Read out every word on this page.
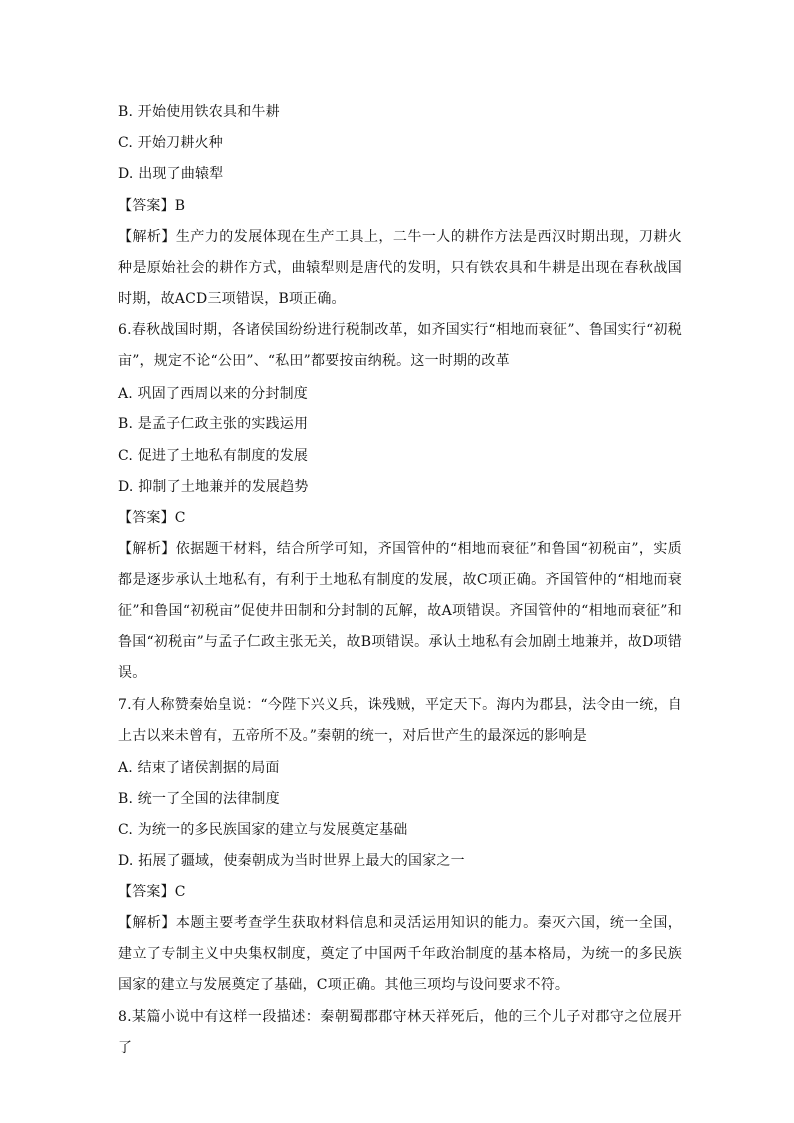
B. 开始使用铁农具和牛耕
C. 开始刀耕火种
D. 出现了曲辕犁
【答案】B
【解析】生产力的发展体现在生产工具上，二牛一人的耕作方法是西汉时期出现，刀耕火种是原始社会的耕作方式，曲辕犁则是唐代的发明，只有铁农具和牛耕是出现在春秋战国时期，故ACD三项错误，B项正确。
6.春秋战国时期，各诸侯国纷纷进行税制改革，如齐国实行“相地而衰征”、鲁国实行“初税亩”，规定不论“公田”、“私田”都要按亩纳税。这一时期的改革
A. 巩固了西周以来的分封制度
B. 是孟子仁政主张的实践运用
C. 促进了土地私有制度的发展
D. 抑制了土地兼并的发展趋势
【答案】C
【解析】依据题干材料，结合所学可知，齐国管仲的“相地而衰征”和鲁国“初税亩”，实质都是逐步承认土地私有，有利于土地私有制度的发展，故C项正确。齐国管仲的“相地而衰征”和鲁国“初税亩”促使井田制和分封制的瓦解，故A项错误。齐国管仲的“相地而衰征”和鲁国“初税亩”与孟子仁政主张无关，故B项错误。承认土地私有会加剧土地兼并，故D项错误。
7.有人称赞秦始皇说：“今陛下兴义兵，诛残贼，平定天下。海内为郡县，法令由一统，自上古以来未曾有，五帝所不及。”秦朝的统一，对后世产生的最深远的影响是
A. 结束了诸侯割据的局面
B. 统一了全国的法律制度
C. 为统一的多民族国家的建立与发展奠定基础
D. 拓展了疆域，使秦朝成为当时世界上最大的国家之一
【答案】C
【解析】本题主要考查学生获取材料信息和灵活运用知识的能力。秦灭六国，统一全国，建立了专制主义中央集权制度，奠定了中国两千年政治制度的基本格局，为统一的多民族国家的建立与发展奠定了基础，C项正确。其他三项均与设问要求不符。
8.某篇小说中有这样一段描述：秦朝蜀郡郡守林天祥死后，他的三个儿子对郡守之位展开了
